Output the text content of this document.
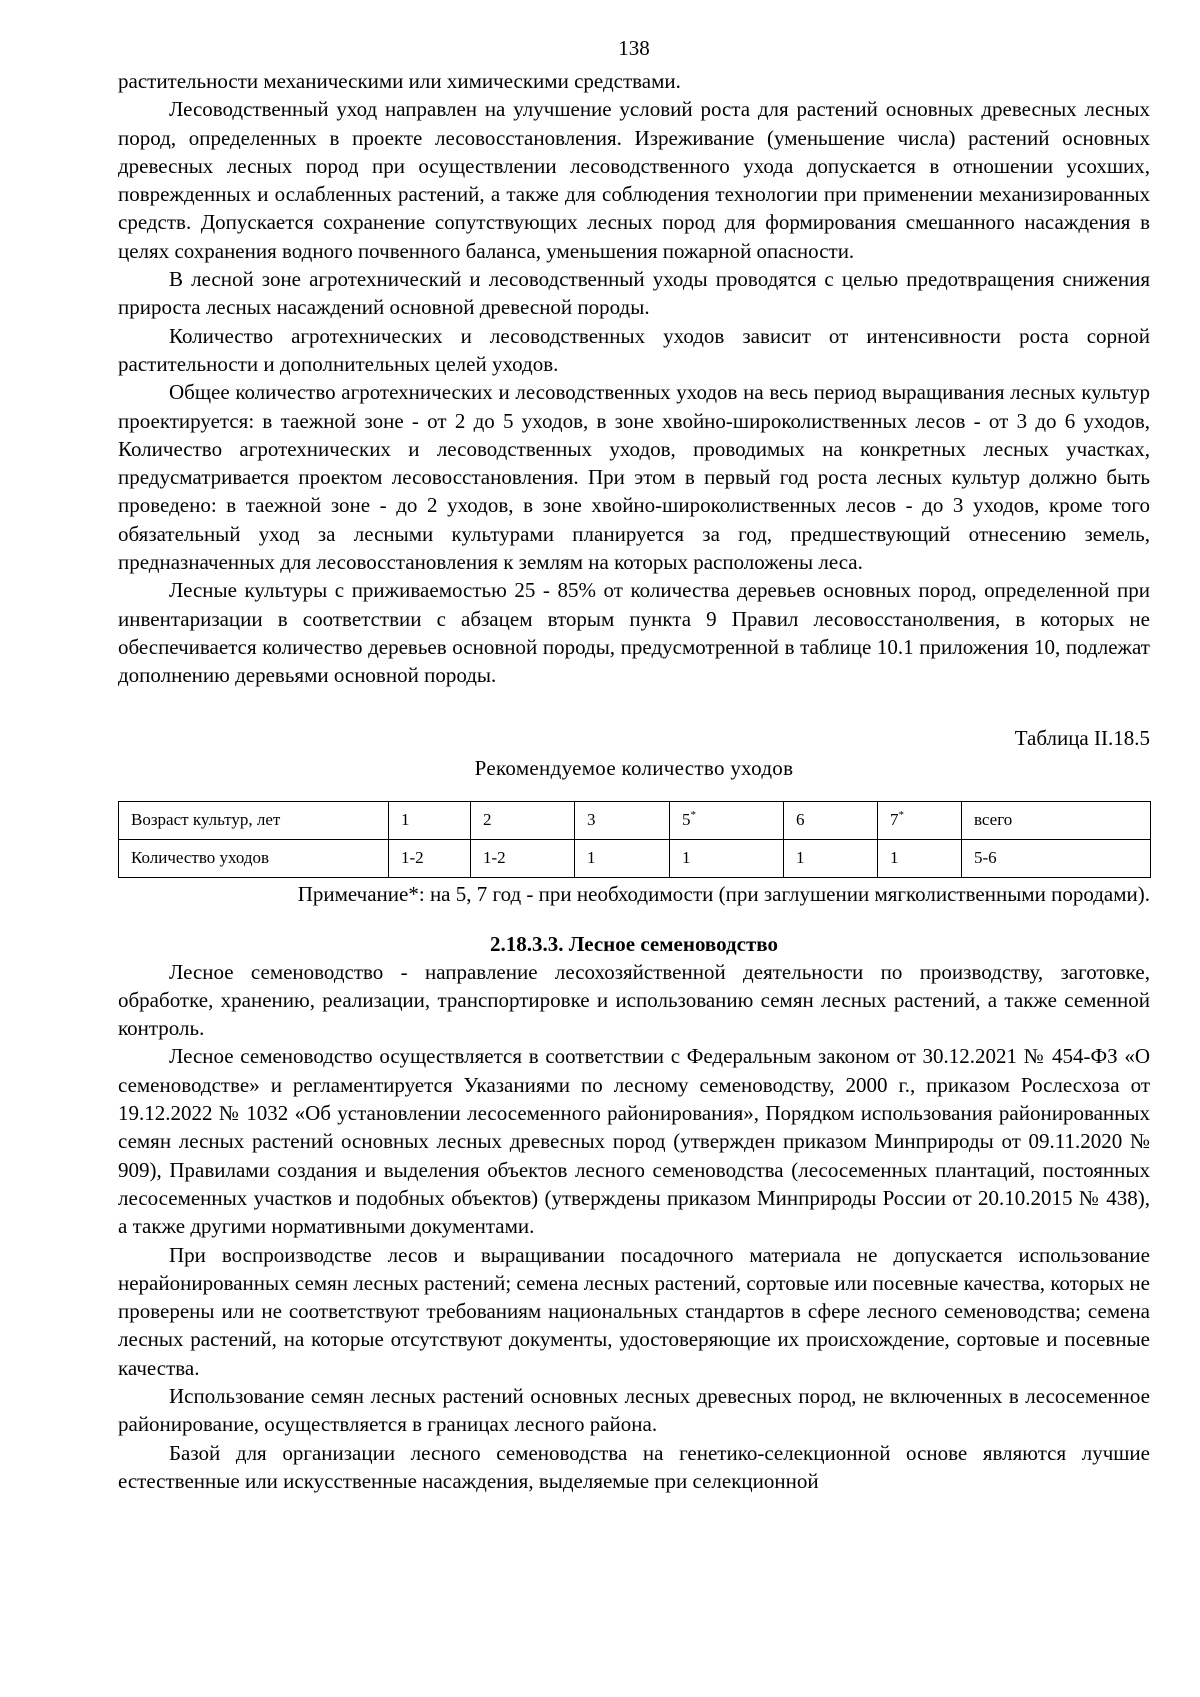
138

растительности механическими или химическими средствами.

Лесоводственный уход направлен на улучшение условий роста для растений основных древесных лесных пород, определенных в проекте лесовосстановления. Изреживание (уменьшение числа) растений основных древесных лесных пород при осуществлении лесоводственного ухода допускается в отношении усохших, поврежденных и ослабленных растений, а также для соблюдения технологии при применении механизированных средств. Допускается сохранение сопутствующих лесных пород для формирования смешанного насаждения в целях сохранения водного почвенного баланса, уменьшения пожарной опасности.

В лесной зоне агротехнический и лесоводственный уходы проводятся с целью предотвращения снижения прироста лесных насаждений основной древесной породы.

Количество агротехнических и лесоводственных уходов зависит от интенсивности роста сорной растительности и дополнительных целей уходов.

Общее количество агротехнических и лесоводственных уходов на весь период выращивания лесных культур проектируется: в таежной зоне - от 2 до 5 уходов, в зоне хвойно-широколиственных лесов - от 3 до 6 уходов, Количество агротехнических и лесоводственных уходов, проводимых на конкретных лесных участках, предусматривается проектом лесовосстановления. При этом в первый год роста лесных культур должно быть проведено: в таежной зоне - до 2 уходов, в зоне хвойно-широколиственных лесов - до 3 уходов, кроме того обязательный уход за лесными культурами планируется за год, предшествующий отнесению земель, предназначенных для лесовосстановления к землям на которых расположены леса.

Лесные культуры с приживаемостью 25 - 85% от количества деревьев основных пород, определенной при инвентаризации в соответствии с абзацем вторым пункта 9 Правил лесовосстанолвения, в которых не обеспечивается количество деревьев основной породы, предусмотренной в таблице 10.1 приложения 10, подлежат дополнению деревьями основной породы.

Таблица II.18.5
Рекомендуемое количество уходов
Возраст культур, лет	1	2	3	5*	6	7*	всего
Количество уходов	1-2	1-2	1	1	1	1	5-6
Примечание*: на 5, 7 год - при необходимости (при заглушении мягколиственными породами).
2.18.3.3. Лесное семеноводство

Лесное семеноводство - направление лесохозяйственной деятельности по производству, заготовке, обработке, хранению, реализации, транспортировке и использованию семян лесных растений, а также семенной контроль.

Лесное семеноводство осуществляется в соответствии с Федеральным законом от 30.12.2021 № 454-ФЗ «О семеноводстве» и регламентируется Указаниями по лесному семеноводству, 2000 г., приказом Рослесхоза от 19.12.2022 № 1032 «Об установлении лесосеменного районирования», Порядком использования районированных семян лесных растений основных лесных древесных пород (утвержден приказом Минприроды от 09.11.2020 № 909), Правилами создания и выделения объектов лесного семеноводства (лесосеменных плантаций, постоянных лесосеменных участков и подобных объектов) (утверждены приказом Минприроды России от 20.10.2015 № 438), а также другими нормативными документами.

При воспроизводстве лесов и выращивании посадочного материала не допускается использование нерайонированных семян лесных растений; семена лесных растений, сортовые или посевные качества, которых не проверены или не соответствуют требованиям национальных стандартов в сфере лесного семеноводства; семена лесных растений, на которые отсутствуют документы, удостоверяющие их происхождение, сортовые и посевные качества.

Использование семян лесных растений основных лесных древесных пород, не включенных в лесосеменное районирование, осуществляется в границах лесного района.

Базой для организации лесного семеноводства на генетико-селекционной основе являются лучшие естественные или искусственные насаждения, выделяемые при селекционной
